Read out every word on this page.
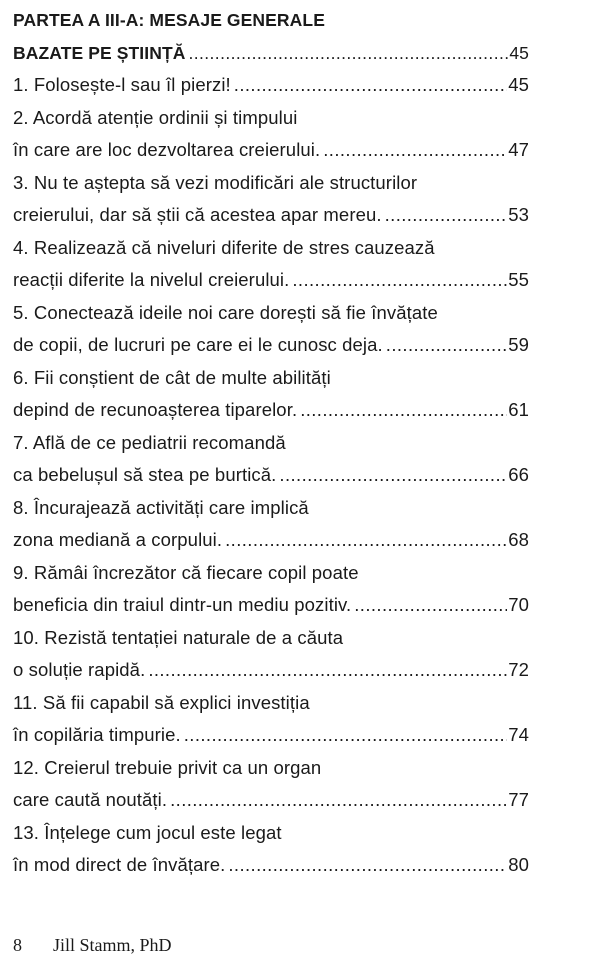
PARTEA A III-A: MESAJE GENERALE
BAZATE PE ȘTIINȚĂ .....	45
1. Folosește-l sau îl pierzi! .....	45
2. Acordă atenție ordinii și timpului
în care are loc dezvoltarea creierului. .....	47
3. Nu te aștepta să vezi modificări ale structurilor
creierului, dar să știi că acestea apar mereu. .....	53
4. Realizează că niveluri diferite de stres cauzează
reacții diferite la nivelul creierului. .....	55
5. Conectează ideile noi care dorești să fie învățate
de copii, de lucruri pe care ei le cunosc deja. .....	59
6. Fii conștient de cât de multe abilități
depind de recunoașterea tiparelor. .....	61
7. Află de ce pediatrii recomandă
ca bebelușul să stea pe burtică. .....	66
8. Încurajează activități care implică
zona mediană a corpului. .....	68
9. Rămâi încrezător că fiecare copil poate
beneficia din traiul dintr-un mediu pozitiv. .....	70
10. Rezistă tentației naturale de a căuta
o soluție rapidă. .....	72
11. Să fii capabil să explici investiția
în copilăria timpurie. .....	74
12. Creierul trebuie privit ca un organ
care caută noutăți. .....	77
13. Înțelege cum jocul este legat
în mod direct de învățare. .....	80
8 Jill Stamm, PhD
